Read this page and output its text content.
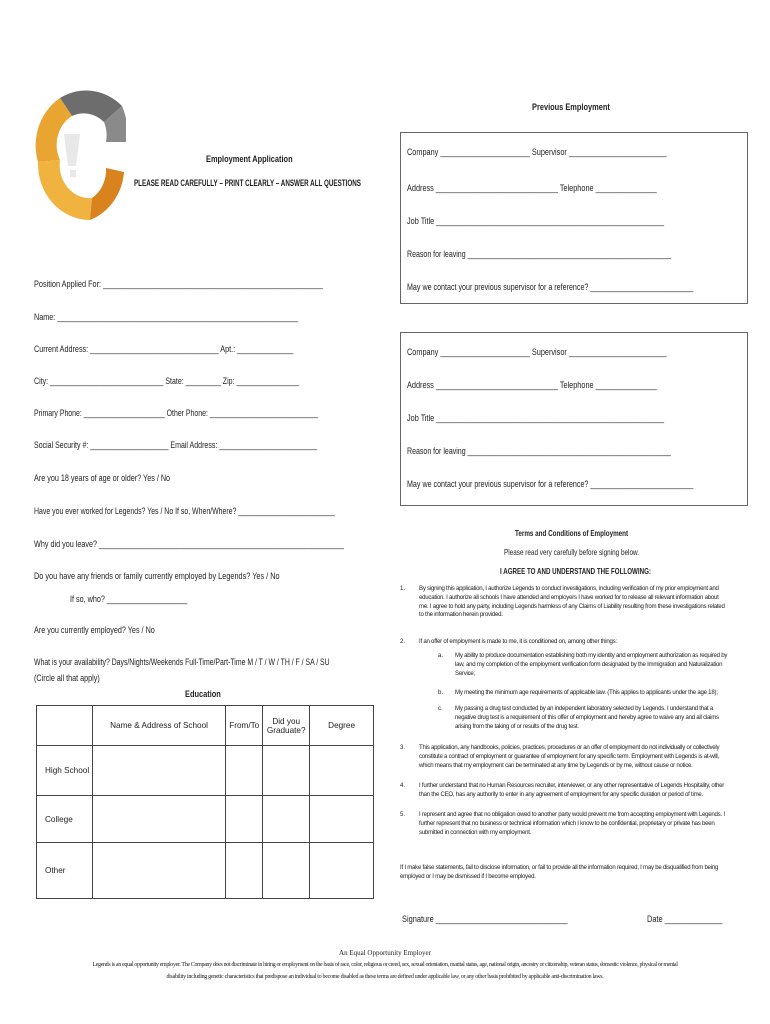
Employment Application
PLEASE READ CAREFULLY – PRINT CLEARLY – ANSWER ALL QUESTIONS
Position Applied For: ______________________________________________________
Name: ____________________________________________________________
Current Address: ________________________________ Apt.: ______________
City: _____________________________ State: _________ Zip: ________________
Primary Phone: _____________________ Other Phone: ____________________________
Social Security #: ____________________ Email Address: _________________________
Are you 18 years of age or older? Yes / No
Have you ever worked for Legends? Yes / No If so, When/Where? _________________________
Why did you leave? _____________________________________________________________
Do you have any friends or family currently employed by Legends? Yes / No
If so, who? ____________________
Are you currently employed? Yes / No
What is your availability? Days/Nights/Weekends Full-Time/Part-Time M / T / W / TH / F / SA / SU
(Circle all that apply)
Education
	Name & Address of School	From/To	Did you Graduate?	Degree
High School				
College				
Other				
Previous Employment
Company ______________________ Supervisor ________________________
Address ______________________________ Telephone _______________
Job Title ________________________________________________________
Reason for leaving ____________________________________________________
May we contact your previous supervisor for a reference? __________________________
Company ______________________ Supervisor ________________________
Address ______________________________ Telephone _______________
Job Title ________________________________________________________
Reason for leaving ____________________________________________________
May we contact your previous supervisor for a reference? __________________________
Terms and Conditions of Employment
Please read very carefully before signing below.
I AGREE TO AND UNDERSTAND THE FOLLOWING:
1. By signing this application, I authorize Legends to conduct investigations, including verification of my prior employment and education. I authorize all schools I have attended and employers I have worked for to release all relevant information about me. I agree to hold any party, including Legends harmless of any Claims of Liability resulting from these investigations related to the information herein provided.
2. If an offer of employment is made to me, it is conditioned on, among other things:
a. My ability to produce documentation establishing both my identity and employment authorization as required by law, and my completion of the employment verification form designated by the Immigration and Naturalization Service;
b. My meeting the minimum age requirements of applicable law. (This applies to applicants under the age 18);
c. My passing a drug test conducted by an independent laboratory selected by Legends. I understand that a negative drug test is a requirement of this offer of employment and hereby agree to waive any and all claims arising from the taking of or results of the drug test.
3. This application, any handbooks, policies, practices, procedures or an offer of employment do not individually or collectively constitute a contract of employment or guarantee of employment for any specific term. Employment with Legends is at-will, which means that my employment can be terminated at any time by Legends or by me, without cause or notice.
4. I further understand that no Human Resources recruiter, interviewer, or any other representative of Legends Hospitality, other than the CEO, has any authority to enter in any agreement of employment for any specific duration or period of time.
5. I represent and agree that no obligation owed to another party would prevent me from accepting employment with Legends. I further represent that no business or technical information which I know to be confidential, proprietary or private has been submitted in connection with my employment.
If I make false statements, fail to disclose information, or fail to provide all the information required, I may be disqualified from being employed or I may be dismissed if I become employed.
Signature ________________________________	Date ______________
An Equal Opportunity Employer
Legends is an equal opportunity employer. The Company does not discriminate in hiring or employment on the basis of race, color, religious or creed, sex, sexual orientation, marital status, age, national origin, ancestry or citizenship, veteran status, domestic violence, physical or mental
disability including genetic characteristics that predispose an individual to become disabled as these terms are defined under applicable law, or any other basis prohibited by applicable anti-discrimination laws.
